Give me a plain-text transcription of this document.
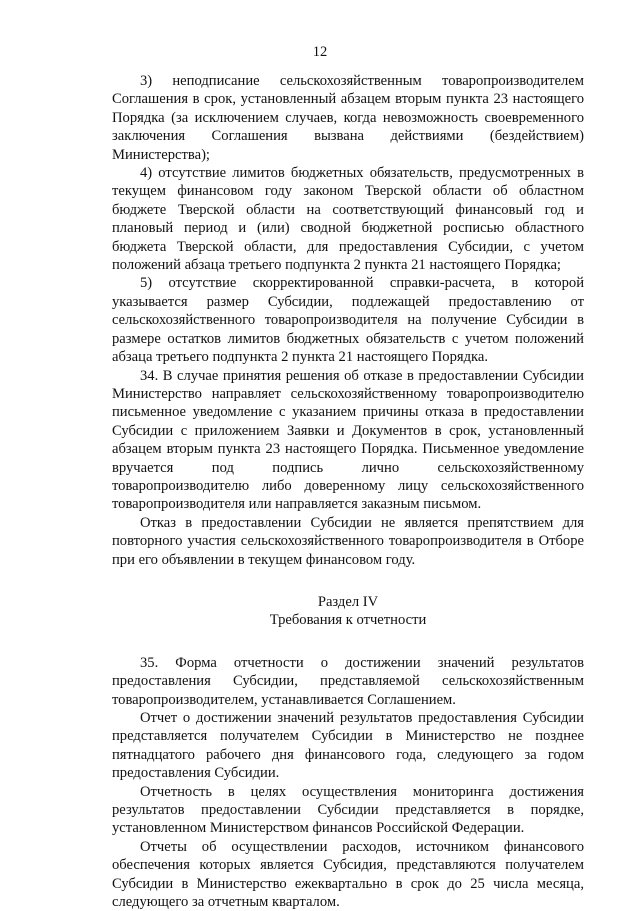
12

3) неподписание сельскохозяйственным товаропроизводителем Соглашения в срок, установленный абзацем вторым пункта 23 настоящего Порядка (за исключением случаев, когда невозможность своевременного заключения Соглашения вызвана действиями (бездействием) Министерства);

4) отсутствие лимитов бюджетных обязательств, предусмотренных в текущем финансовом году законом Тверской области об областном бюджете Тверской области на соответствующий финансовый год и плановый период и (или) сводной бюджетной росписью областного бюджета Тверской области, для предоставления Субсидии, с учетом положений абзаца третьего подпункта 2 пункта 21 настоящего Порядка;

5) отсутствие скорректированной справки-расчета, в которой указывается размер Субсидии, подлежащей предоставлению от сельскохозяйственного товаропроизводителя на получение Субсидии в размере остатков лимитов бюджетных обязательств с учетом положений абзаца третьего подпункта 2 пункта 21 настоящего Порядка.

34. В случае принятия решения об отказе в предоставлении Субсидии Министерство направляет сельскохозяйственному товаропроизводителю письменное уведомление с указанием причины отказа в предоставлении Субсидии с приложением Заявки и Документов в срок, установленный абзацем вторым пункта 23 настоящего Порядка. Письменное уведомление вручается под подпись лично сельскохозяйственному товаропроизводителю либо доверенному лицу сельскохозяйственного товаропроизводителя или направляется заказным письмом.

Отказ в предоставлении Субсидии не является препятствием для повторного участия сельскохозяйственного товаропроизводителя в Отборе при его объявлении в текущем финансовом году.

Раздел IV
Требования к отчетности

35. Форма отчетности о достижении значений результатов предоставления Субсидии, представляемой сельскохозяйственным товаропроизводителем, устанавливается Соглашением.

Отчет о достижении значений результатов предоставления Субсидии представляется получателем Субсидии в Министерство не позднее пятнадцатого рабочего дня финансового года, следующего за годом предоставления Субсидии.

Отчетность в целях осуществления мониторинга достижения результатов предоставлении Субсидии представляется в порядке, установленном Министерством финансов Российской Федерации.

Отчеты об осуществлении расходов, источником финансового обеспечения которых является Субсидия, представляются получателем Субсидии в Министерство ежеквартально в срок до 25 числа месяца, следующего за отчетным кварталом.
